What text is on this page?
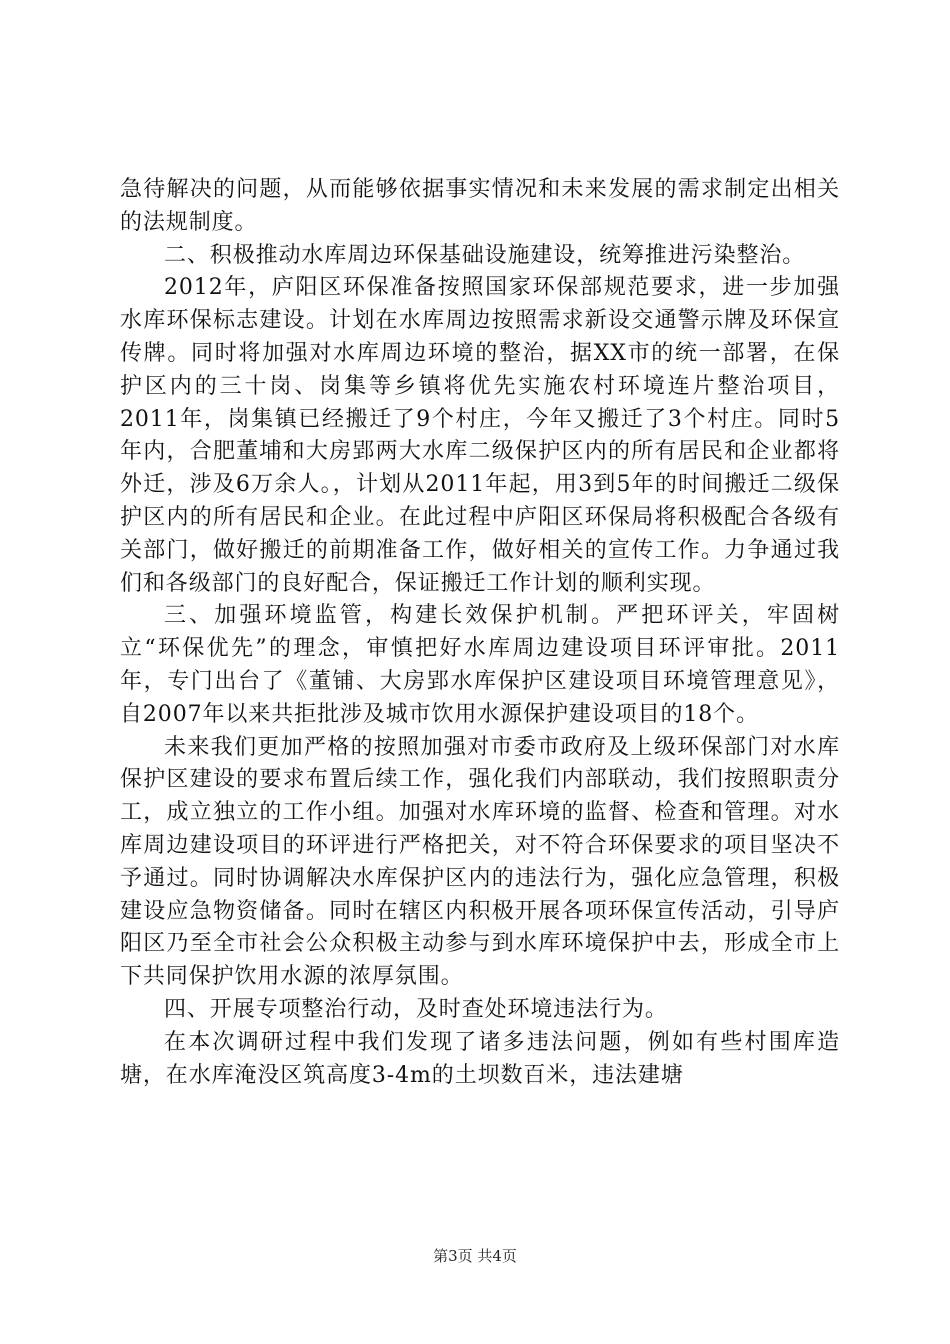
急待解决的问题，从而能够依据事实情况和未来发展的需求制定出相关的法规制度。

二、积极推动水库周边环保基础设施建设，统筹推进污染整治。

2012年，庐阳区环保准备按照国家环保部规范要求，进一步加强水库环保标志建设。计划在水库周边按照需求新设交通警示牌及环保宣传牌。同时将加强对水库周边环境的整治，据XX市的统一部署，在保护区内的三十岗、岗集等乡镇将优先实施农村环境连片整治项目，2011年，岗集镇已经搬迁了9个村庄，今年又搬迁了3个村庄。同时5年内，合肥董埔和大房郢两大水库二级保护区内的所有居民和企业都将外迁，涉及6万余人。，计划从2011年起，用3到5年的时间搬迁二级保护区内的所有居民和企业。在此过程中庐阳区环保局将积极配合各级有关部门，做好搬迁的前期准备工作，做好相关的宣传工作。力争通过我们和各级部门的良好配合，保证搬迁工作计划的顺利实现。

三、加强环境监管，构建长效保护机制。严把环评关，牢固树立“环保优先”的理念，审慎把好水库周边建设项目环评审批。2011年，专门出台了《董铺、大房郢水库保护区建设项目环境管理意见》，自2007年以来共拒批涉及城市饮用水源保护建设项目的18个。

未来我们更加严格的按照加强对市委市政府及上级环保部门对水库保护区建设的要求布置后续工作，强化我们内部联动，我们按照职责分工，成立独立的工作小组。加强对水库环境的监督、检查和管理。对水库周边建设项目的环评进行严格把关，对不符合环保要求的项目坚决不予通过。同时协调解决水库保护区内的违法行为，强化应急管理，积极建设应急物资储备。同时在辖区内积极开展各项环保宣传活动，引导庐阳区乃至全市社会公众积极主动参与到水库环境保护中去，形成全市上下共同保护饮用水源的浓厚氛围。

四、开展专项整治行动，及时查处环境违法行为。

在本次调研过程中我们发现了诸多违法问题，例如有些村围库造塘，在水库淹没区筑高度3-4m的土坝数百米，违法建塘

第3页 共4页
